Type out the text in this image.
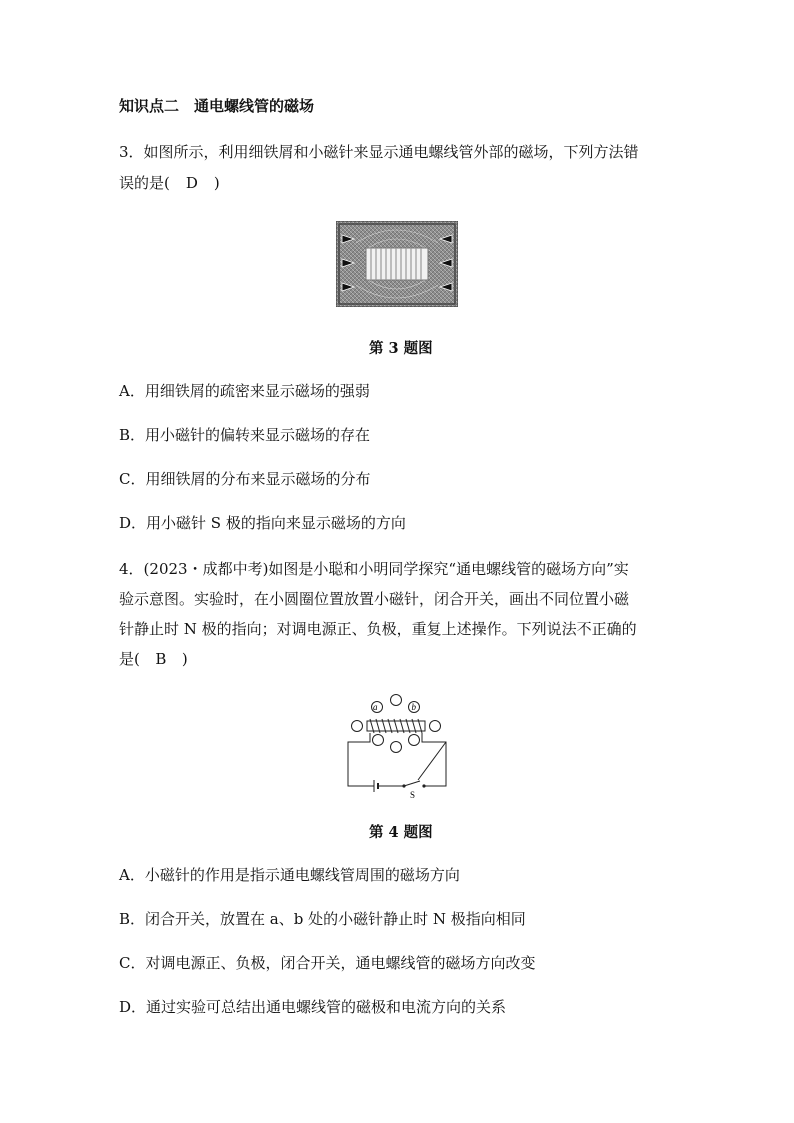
知识点二　通电螺线管的磁场
3．如图所示，利用细铁屑和小磁针来显示通电螺线管外部的磁场，下列方法错
误的是( D )
第 3 题图
A．用细铁屑的疏密来显示磁场的强弱
B．用小磁针的偏转来显示磁场的存在
C．用细铁屑的分布来显示磁场的分布
D．用小磁针 S 极的指向来显示磁场的方向
4．(2023・成都中考)如图是小聪和小明同学探究“通电螺线管的磁场方向”实
验示意图。实验时，在小圆圈位置放置小磁针，闭合开关，画出不同位置小磁
针静止时 N 极的指向；对调电源正、负极，重复上述操作。下列说法不正确的
是( B )
a	b
S
第 4 题图
A．小磁针的作用是指示通电螺线管周围的磁场方向
B．闭合开关，放置在 a、b 处的小磁针静止时 N 极指向相同
C．对调电源正、负极，闭合开关，通电螺线管的磁场方向改变
D．通过实验可总结出通电螺线管的磁极和电流方向的关系
